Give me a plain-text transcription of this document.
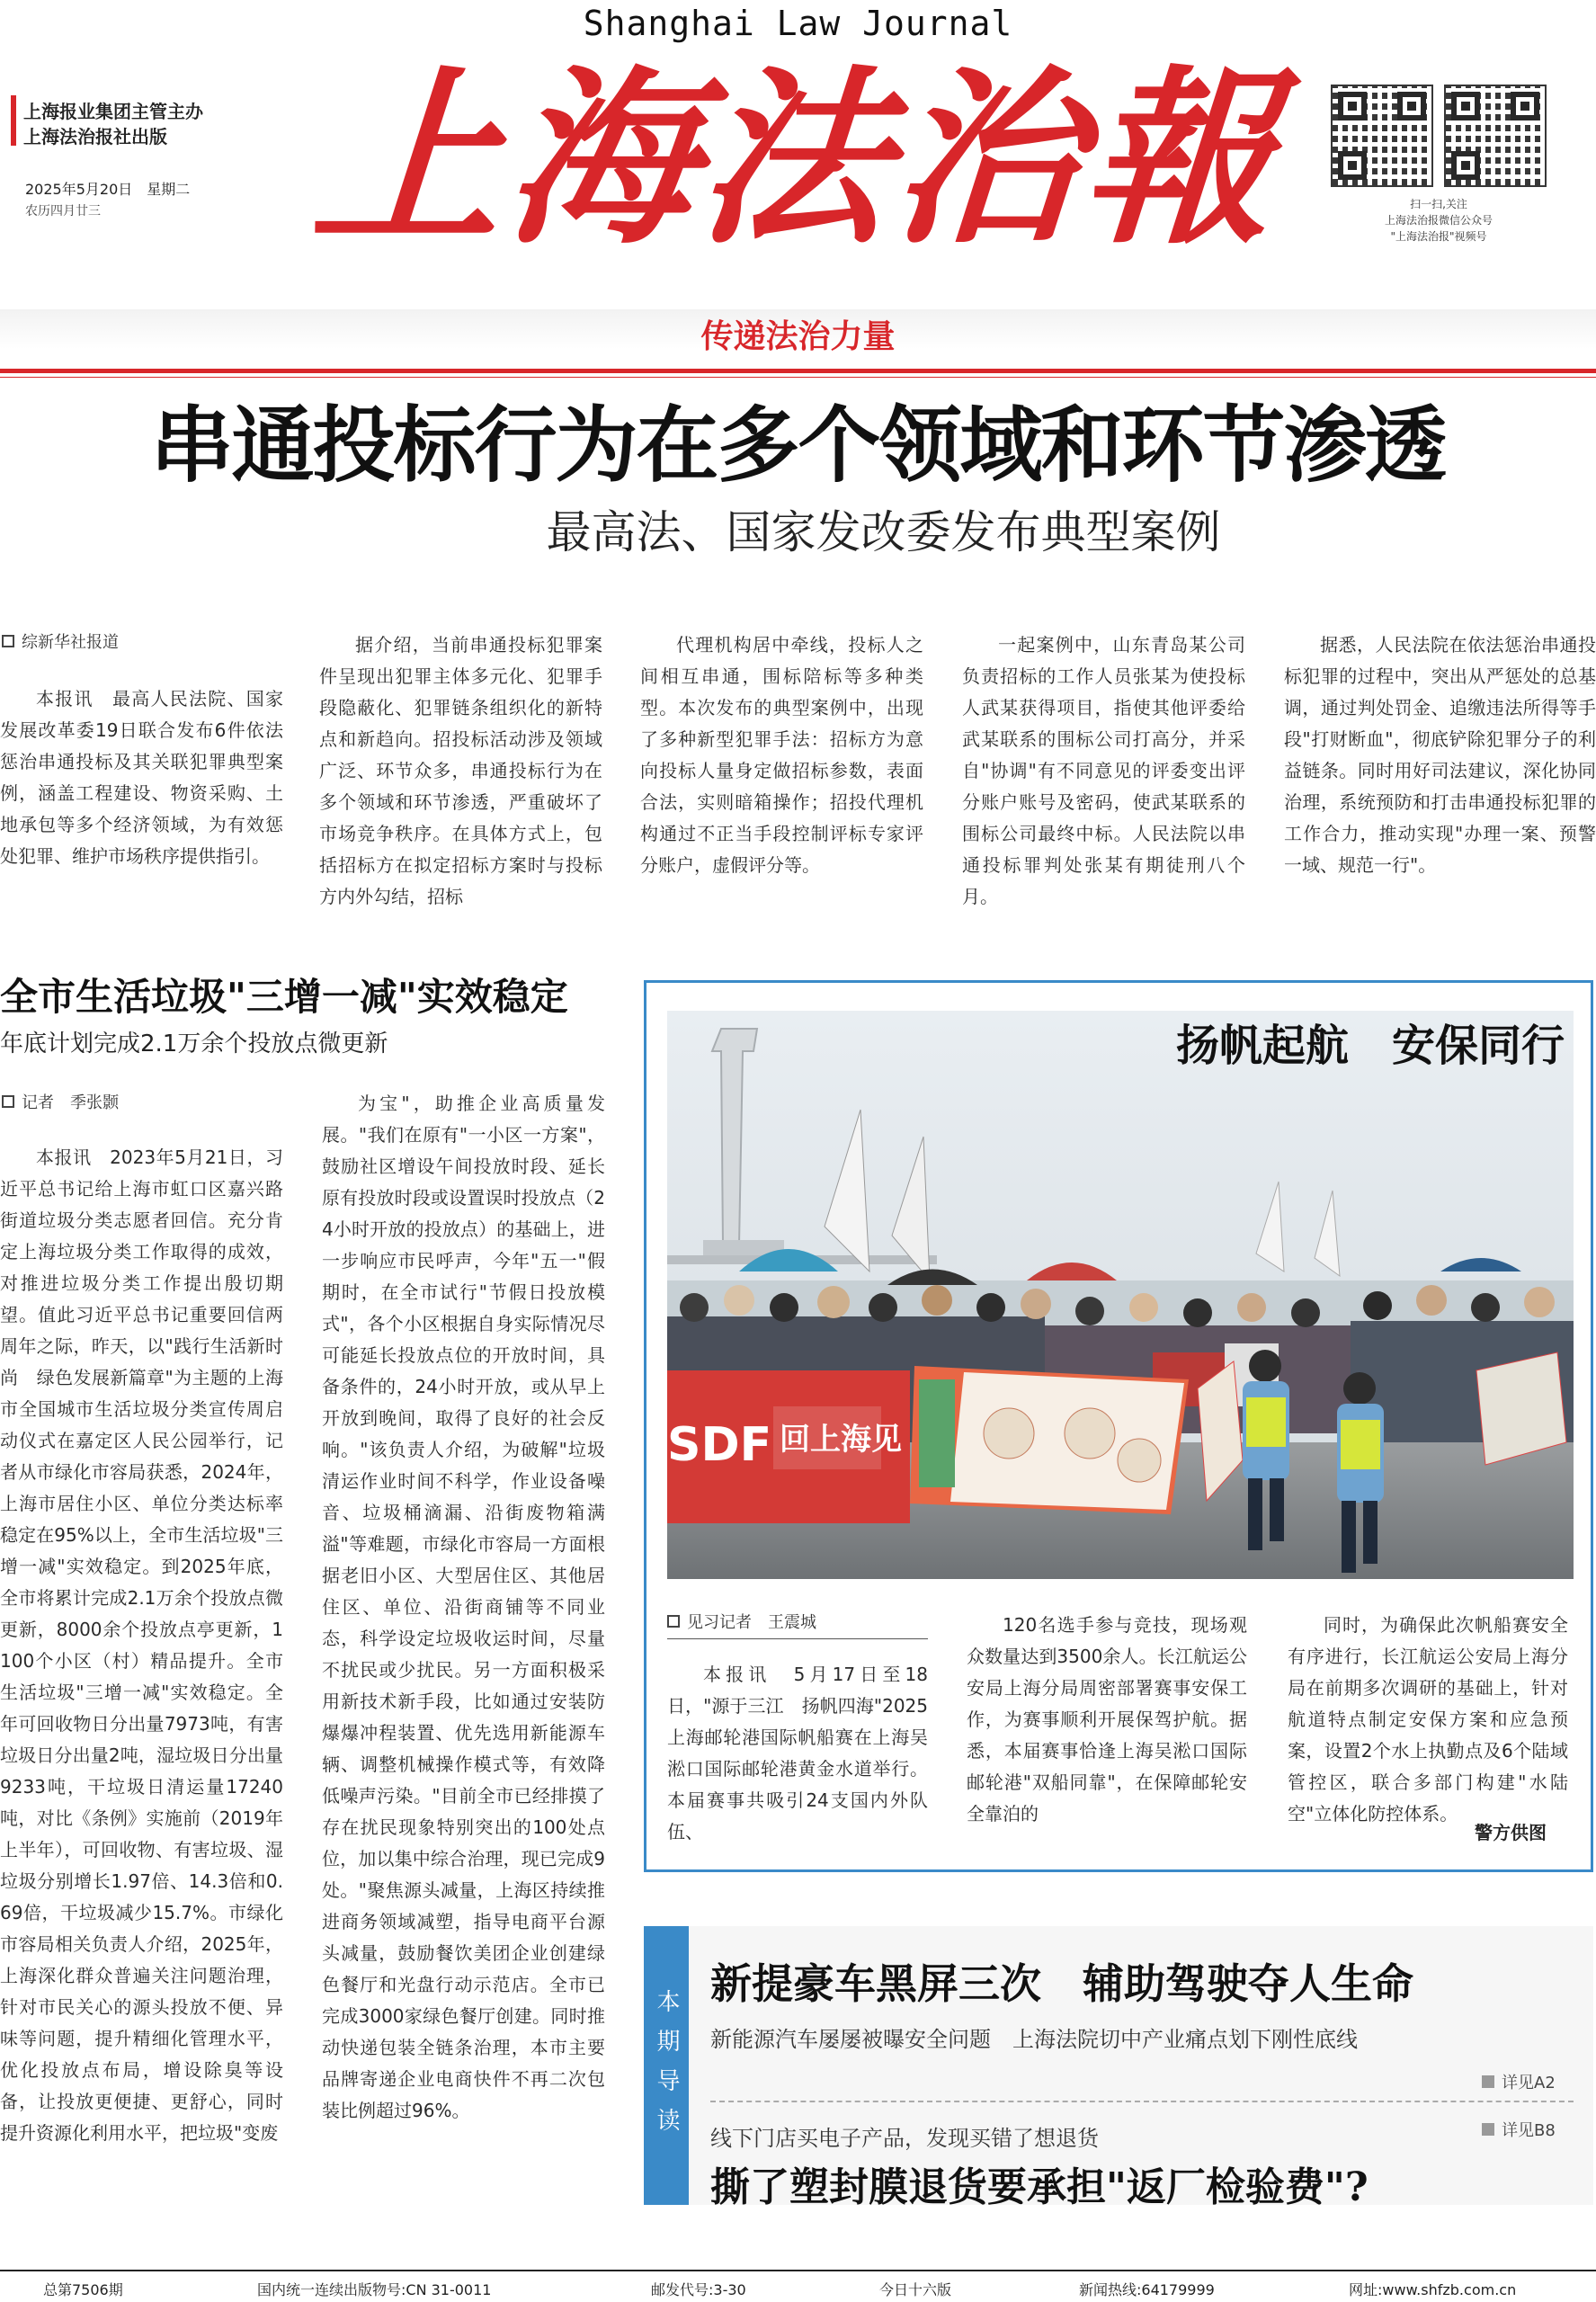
Shanghai Law Journal
上海报业集团主管主办
上海法治报社出版
2025年5月20日　星期二
农历四月廿三 上海法治報	扫一扫,关注
上海法治报微信公众号
"上海法治报"视频号
传递法治力量
串通投标行为在多个领域和环节渗透
最高法、国家发改委发布典型案例
综新华社报道
本报讯　最高人民法院、国家发展改革委19日联合发布6件依法惩治串通投标及其关联犯罪典型案例，涵盖工程建设、物资采购、土地承包等多个经济领域，为有效惩处犯罪、维护市场秩序提供指引。
据介绍，当前串通投标犯罪案件呈现出犯罪主体多元化、犯罪手段隐蔽化、犯罪链条组织化的新特点和新趋向。招投标活动涉及领域广泛、环节众多，串通投标行为在多个领域和环节渗透，严重破坏了市场竞争秩序。在具体方式上，包括招标方在拟定招标方案时与投标方内外勾结，招标
代理机构居中牵线，投标人之间相互串通，围标陪标等多种类型。本次发布的典型案例中，出现了多种新型犯罪手法：招标方为意向投标人量身定做招标参数，表面合法，实则暗箱操作；招投代理机构通过不正当手段控制评标专家评分账户，虚假评分等。
一起案例中，山东青岛某公司负责招标的工作人员张某为使投标人武某获得项目，指使其他评委给武某联系的围标公司打高分，并采自"协调"有不同意见的评委变出评分账户账号及密码，使武某联系的围标公司最终中标。人民法院以串通投标罪判处张某有期徒刑八个月。
据悉，人民法院在依法惩治串通投标犯罪的过程中，突出从严惩处的总基调，通过判处罚金、追缴违法所得等手段"打财断血"，彻底铲除犯罪分子的利益链条。同时用好司法建议，深化协同治理，系统预防和打击串通投标犯罪的工作合力，推动实现"办理一案、预警一域、规范一行"。
全市生活垃圾"三增一减"实效稳定
年底计划完成2.1万余个投放点微更新
记者　季张颢
本报讯　2023年5月21日，习近平总书记给上海市虹口区嘉兴路街道垃圾分类志愿者回信。充分肯定上海垃圾分类工作取得的成效，对推进垃圾分类工作提出殷切期望。值此习近平总书记重要回信两周年之际，昨天，以"践行生活新时尚　绿色发展新篇章"为主题的上海市全国城市生活垃圾分类宣传周启动仪式在嘉定区人民公园举行，记者从市绿化市容局获悉，2024年，上海市居住小区、单位分类达标率稳定在95%以上，全市生活垃圾"三增一减"实效稳定。到2025年底，全市将累计完成2.1万余个投放点微更新，8000余个投放点亭更新，1100个小区（村）精品提升。全市生活垃圾"三增一减"实效稳定。全年可回收物日分出量7973吨，有害垃圾日分出量2吨，湿垃圾日分出量9233吨，干垃圾日清运量17240吨，对比《条例》实施前（2019年上半年），可回收物、有害垃圾、湿垃圾分别增长1.97倍、14.3倍和0.69倍，干垃圾减少15.7%。市绿化市容局相关负责人介绍，2025年，上海深化群众普遍关注问题治理，针对市民关心的源头投放不便、异味等问题，提升精细化管理水平，优化投放点布局，增设除臭等设备，让投放更便捷、更舒心，同时提升资源化利用水平，把垃圾"变废
为宝"，助推企业高质量发展。"我们在原有"一小区一方案"，鼓励社区增设午间投放时段、延长原有投放时段或设置误时投放点（24小时开放的投放点）的基础上，进一步响应市民呼声，今年"五一"假期时，在全市试行"节假日投放模式"，各个小区根据自身实际情况尽可能延长投放点位的开放时间，具备条件的，24小时开放，或从早上开放到晚间，取得了良好的社会反响。"该负责人介绍，为破解"垃圾清运作业时间不科学，作业设备噪音、垃圾桶滴漏、沿街废物箱满溢"等难题，市绿化市容局一方面根据老旧小区、大型居住区、其他居住区、单位、沿街商铺等不同业态，科学设定垃圾收运时间，尽量不扰民或少扰民。另一方面积极采用新技术新手段，比如通过安装防爆爆冲程装置、优先选用新能源车辆、调整机械操作模式等，有效降低噪声污染。"目前全市已经排摸了存在扰民现象特别突出的100处点位，加以集中综合治理，现已完成9处。"聚焦源头减量，上海区持续推进商务领域减塑，指导电商平台源头减量，鼓励餐饮美团企业创建绿色餐厅和光盘行动示范店。全市已完成3000家绿色餐厅创建。同时推动快递包装全链条治理，本市主要品牌寄递企业电商快件不再二次包装比例超过96%。
SDF 回上海见
扬帆起航　安保同行
见习记者　王震城
本报讯　5月17日至18日，"源于三江　扬帆四海"2025上海邮轮港国际帆船赛在上海吴淞口国际邮轮港黄金水道举行。本届赛事共吸引24支国内外队伍、
120名选手参与竞技，现场观众数量达到3500余人。长江航运公安局上海分局周密部署赛事安保工作，为赛事顺利开展保驾护航。据悉，本届赛事恰逢上海吴淞口国际邮轮港"双船同靠"，在保障邮轮安全靠泊的
同时，为确保此次帆船赛安全有序进行，长江航运公安局上海分局在前期多次调研的基础上，针对航道特点制定安保方案和应急预案，设置2个水上执勤点及6个陆域管控区，联合多部门构建"水陆空"立体化防控体系。
警方供图
本期导读
新提豪车黑屏三次　辅助驾驶夺人生命
新能源汽车屡屡被曝安全问题　上海法院切中产业痛点划下刚性底线
详见A2
详见B8
线下门店买电子产品，发现买错了想退货
撕了塑封膜退货要承担"返厂检验费"?
总第7506期	国内统一连续出版物号:CN 31-0011	邮发代号:3-30	今日十六版	新闻热线:64179999	网址:www.shfzb.com.cn
